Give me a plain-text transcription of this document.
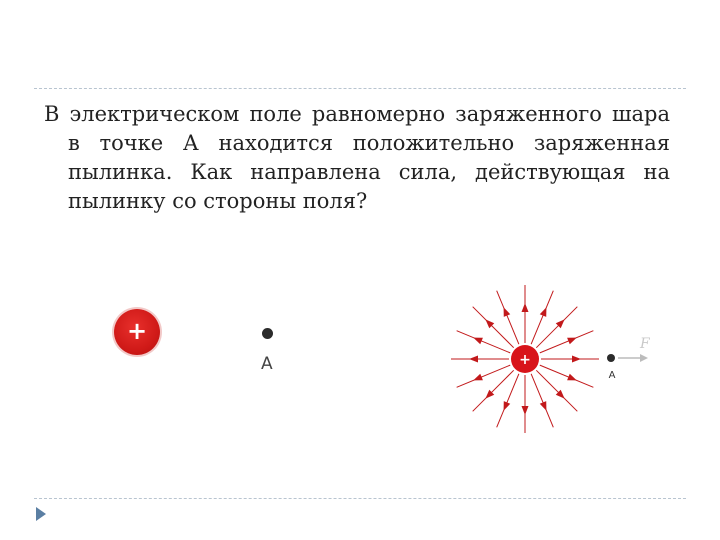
В электрическом поле равномерно заряженного шара в точке А находится положительно заряженная пылинка. Как направлена сила, действующая на пылинку со стороны поля?

+
A	+
A
F
